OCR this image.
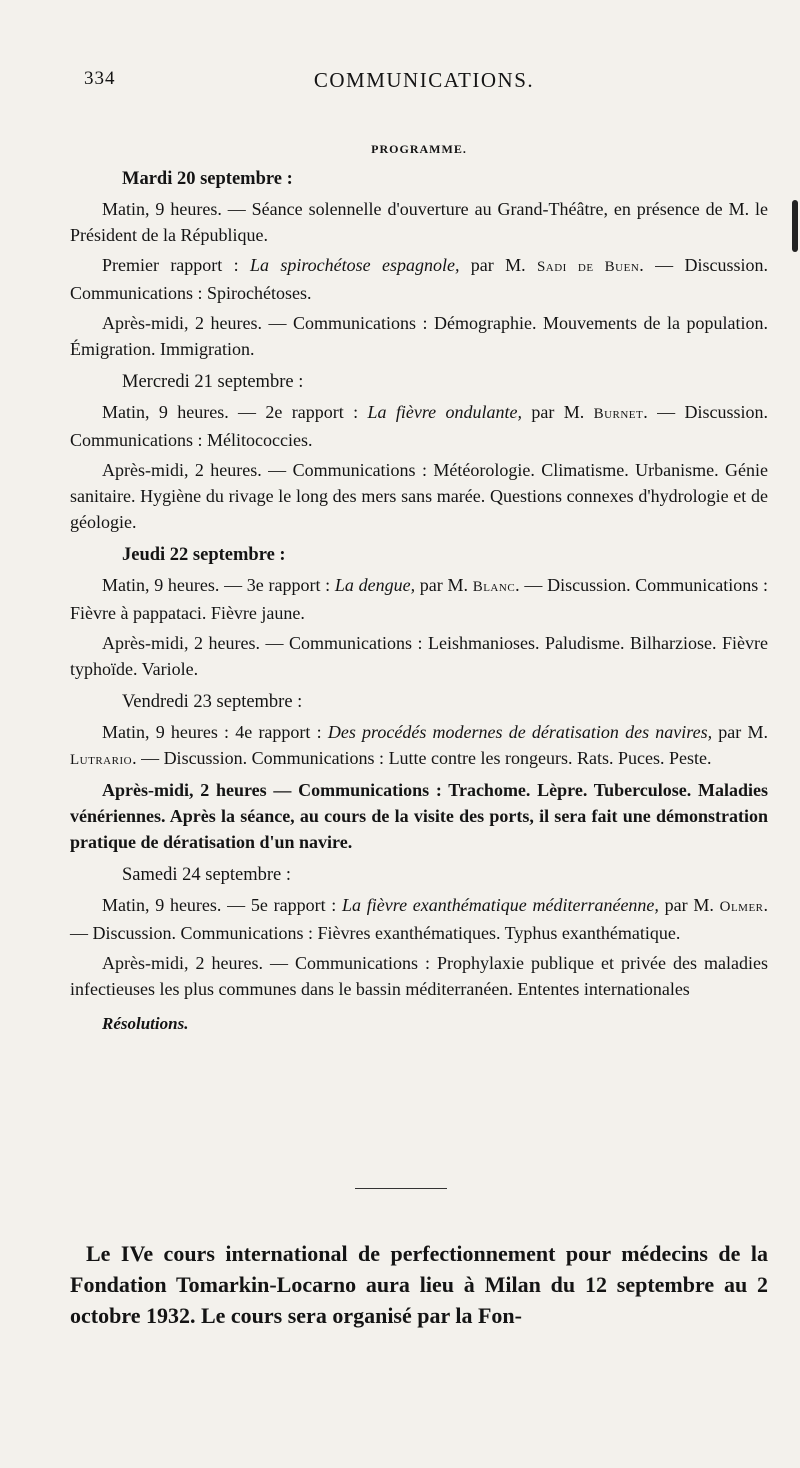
334	COMMUNICATIONS.
PROGRAMME.
Mardi 20 septembre :

Matin, 9 heures. — Séance solennelle d'ouverture au Grand-Théâtre, en présence de M. le Président de la République.

Premier rapport : La spirochétose espagnole, par M. Sadi de Buen. — Discussion. Communications : Spirochétoses.

Après-midi, 2 heures. — Communications : Démographie. Mouvements de la population. Émigration. Immigration.

Mercredi 21 septembre :

Matin, 9 heures. — 2e rapport : La fièvre ondulante, par M. Burnet. — Discussion. Communications : Mélitococcies.

Après-midi, 2 heures. — Communications : Météorologie. Climatisme. Urbanisme. Génie sanitaire. Hygiène du rivage le long des mers sans marée. Questions connexes d'hydrologie et de géologie.

Jeudi 22 septembre :

Matin, 9 heures. — 3e rapport : La dengue, par M. Blanc. — Discussion. Communications : Fièvre à pappataci. Fièvre jaune.

Après-midi, 2 heures. — Communications : Leishmanioses. Paludisme. Bilharziose. Fièvre typhoïde. Variole.

Vendredi 23 septembre :

Matin, 9 heures : 4e rapport : Des procédés modernes de dératisation des navires, par M. Lutrario. — Discussion. Communications : Lutte contre les rongeurs. Rats. Puces. Peste.

Après-midi, 2 heures — Communications : Trachome. Lèpre. Tuberculose. Maladies vénériennes. Après la séance, au cours de la visite des ports, il sera fait une démonstration pratique de dératisation d'un navire.

Samedi 24 septembre :

Matin, 9 heures. — 5e rapport : La fièvre exanthématique méditerranéenne, par M. Olmer. — Discussion. Communications : Fièvres exanthématiques. Typhus exanthématique.

Après-midi, 2 heures. — Communications : Prophylaxie publique et privée des maladies infectieuses les plus communes dans le bassin méditerranéen. Ententes internationales

Résolutions.
Le IVe cours international de perfectionnement pour médecins de la Fondation Tomarkin-Locarno aura lieu à Milan du 12 septembre au 2 octobre 1932. Le cours sera organisé par la Fon-
